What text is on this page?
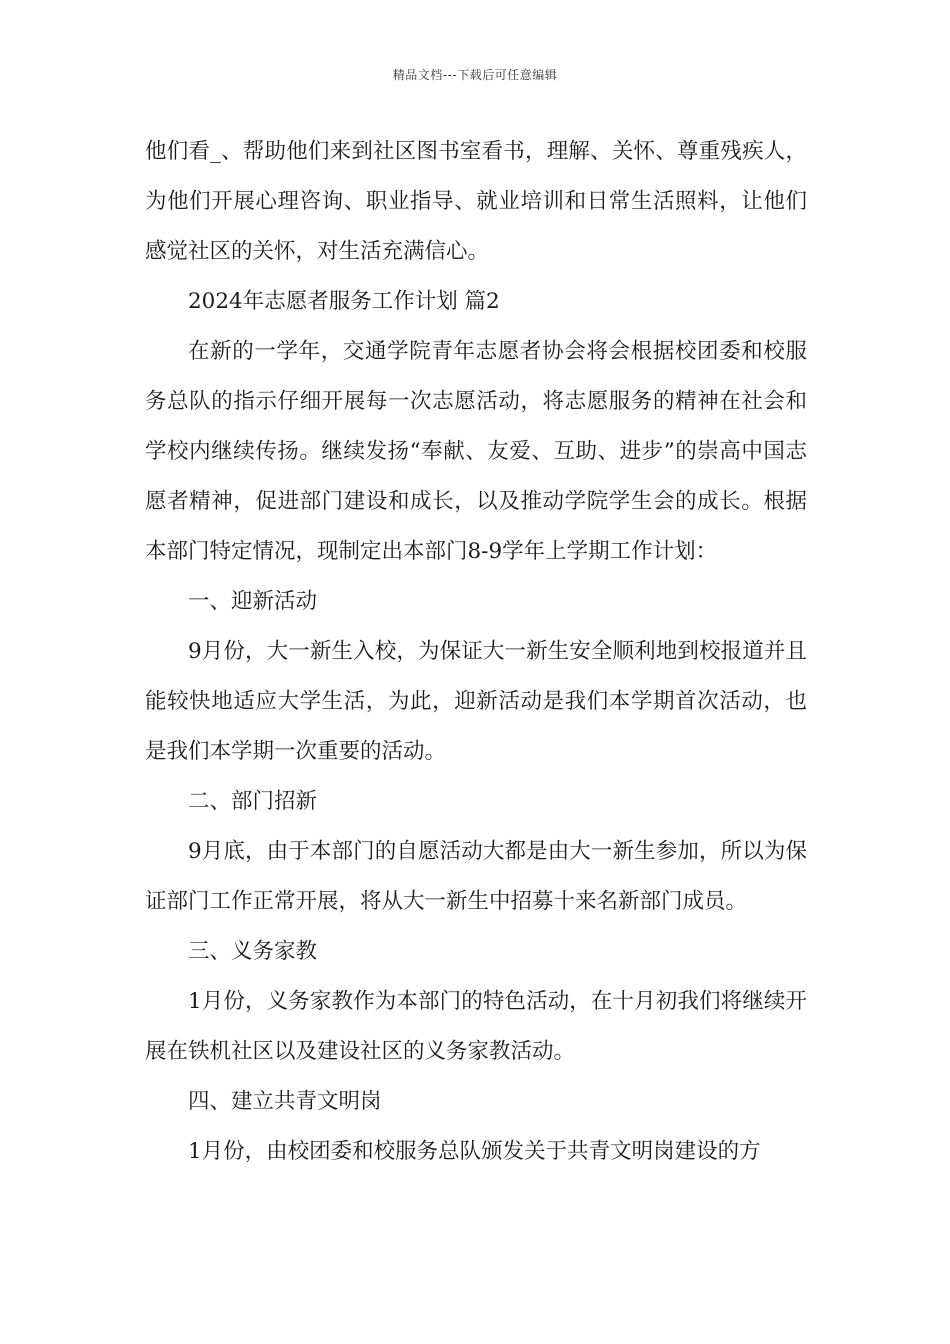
精品文档---下载后可任意编辑

他们看_、帮助他们来到社区图书室看书，理解、关怀、尊重残疾人，为他们开展心理咨询、职业指导、就业培训和日常生活照料，让他们感觉社区的关怀，对生活充满信心。

2024年志愿者服务工作计划 篇2

在新的一学年，交通学院青年志愿者协会将会根据校团委和校服务总队的指示仔细开展每一次志愿活动，将志愿服务的精神在社会和学校内继续传扬。继续发扬“奉献、友爱、互助、进步”的崇高中国志愿者精神，促进部门建设和成长，以及推动学院学生会的成长。根据本部门特定情况，现制定出本部门8-9学年上学期工作计划：

一、迎新活动

9月份，大一新生入校，为保证大一新生安全顺利地到校报道并且能较快地适应大学生活，为此，迎新活动是我们本学期首次活动，也是我们本学期一次重要的活动。

二、部门招新

9月底，由于本部门的自愿活动大都是由大一新生参加，所以为保证部门工作正常开展，将从大一新生中招募十来名新部门成员。

三、义务家教

1月份，义务家教作为本部门的特色活动，在十月初我们将继续开展在铁机社区以及建设社区的义务家教活动。

四、建立共青文明岗

1月份，由校团委和校服务总队颁发关于共青文明岗建设的方
